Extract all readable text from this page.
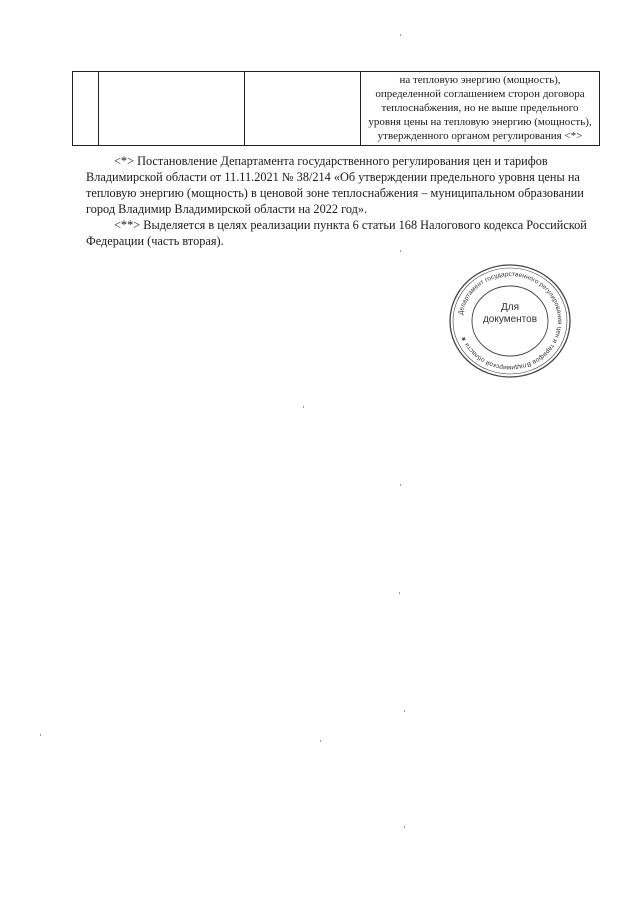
на тепловую энергию (мощность),
определенной соглашением сторон договора
теплоснабжения, но не выше предельного
уровня цены на тепловую энергию (мощность),
утвержденного органом регулирования <*>
<*> Постановление Департамента государственного регулирования цен и тарифов
Владимирской области от 11.11.2021 № 38/214 «Об утверждении предельного уровня цены на
тепловую энергию (мощность) в ценовой зоне теплоснабжения – муниципальном образовании
город Владимир Владимирской области на 2022 год».
<**> Выделяется в целях реализации пункта 6 статьи 168 Налогового кодекса Российской
Федерации (часть вторая).
Департамент государственного регулирования цен и тарифов Владимирской области ★
Для
документов
